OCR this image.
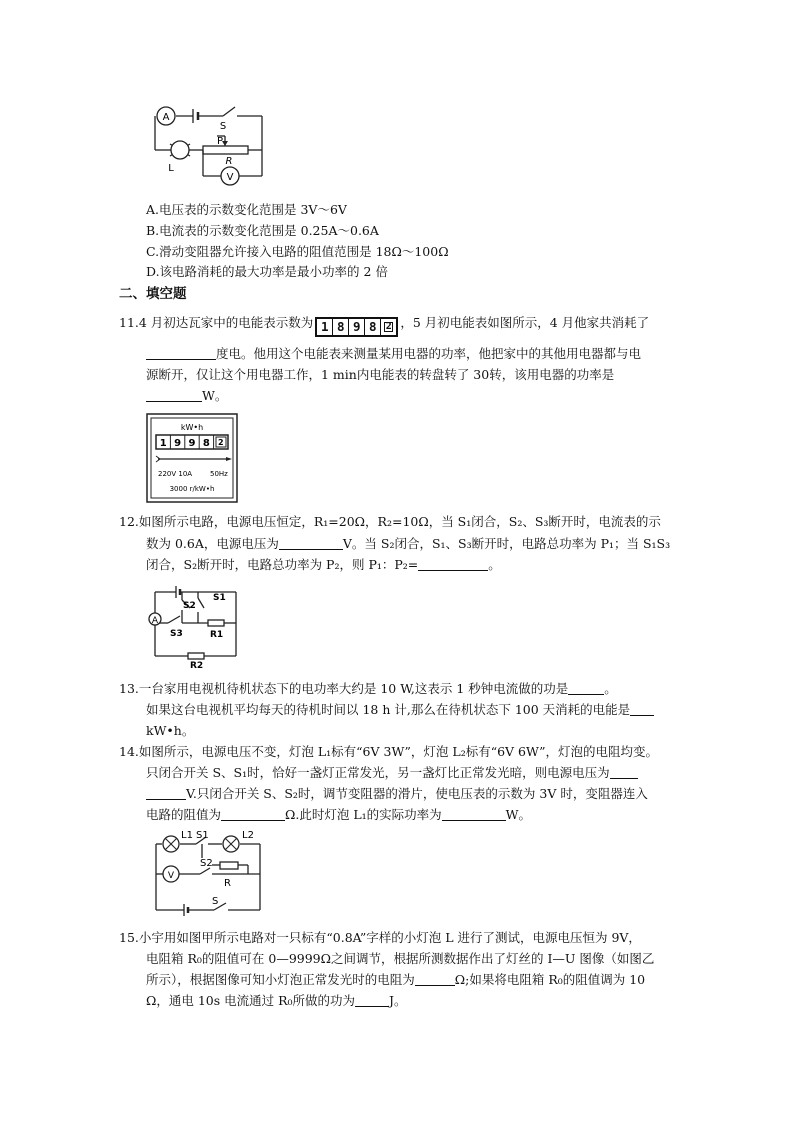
A
L
S
P
R
V
A.电压表的示数变化范围是 3V～6V
B.电流表的示数变化范围是 0.25A～0.6A
C.滑动变阻器允许接入电路的阻值范围是 18Ω～100Ω
D.该电路消耗的最大功率是最小功率的 2 倍
二、填空题
11.4 月初达瓦家中的电能表示数为 1 8 9 8 2 ，5 月初电能表如图所示，4 月他家共消耗了
度电。他用这个电能表来测量某用电器的功率，他把家中的其他用电器都与电
源断开，仅让这个用电器工作，1 min内电能表的转盘转了 30转，该用电器的功率是
W。
kW•h
1 9 9 8 2
220V 10A	50Hz
3000 r/kW•h
12.如图所示电路，电源电压恒定，R₁=20Ω，R₂=10Ω，当 S₁闭合，S₂、S₃断开时，电流表的示
数为 0.6A，电源电压为	V。当 S₂闭合，S₁、S₃断开时，电路总功率为 P₁；当 S₁S₃
闭合，S₂断开时，电路总功率为 P₂，则 P₁：P₂=	。
A
S1
S2
S3	R1
R2
13.一台家用电视机待机状态下的电功率大约是 10 W,这表示 1 秒钟电流做的功是	。
如果这台电视机平均每天的待机时间以 18 h 计,那么在待机状态下 100 天消耗的电能是
kW•h。
14.如图所示，电源电压不变，灯泡 L₁标有“6V 3W”，灯泡 L₂标有“6V 6W”，灯泡的电阻均变。
只闭合开关 S、S₁时，恰好一盏灯正常发光，另一盏灯比正常发光暗，则电源电压为
V.只闭合开关 S、S₂时，调节变阻器的滑片，使电压表的示数为 3V 时，变阻器连入
电路的阻值为	Ω.此时灯泡 L₁的实际功率为	W。
L1 S1	L2
S2
R
V
S
15.小宇用如图甲所示电路对一只标有“0.8A”字样的小灯泡 L 进行了测试，电源电压恒为 9V，
电阻箱 R₀的阻值可在 0—9999Ω之间调节，根据所测数据作出了灯丝的 I—U 图像（如图乙
所示），根据图像可知小灯泡正常发光时的电阻为	Ω;如果将电阻箱 R₀的阻值调为 10
Ω，通电 10s 电流通过 R₀所做的功为	J。
